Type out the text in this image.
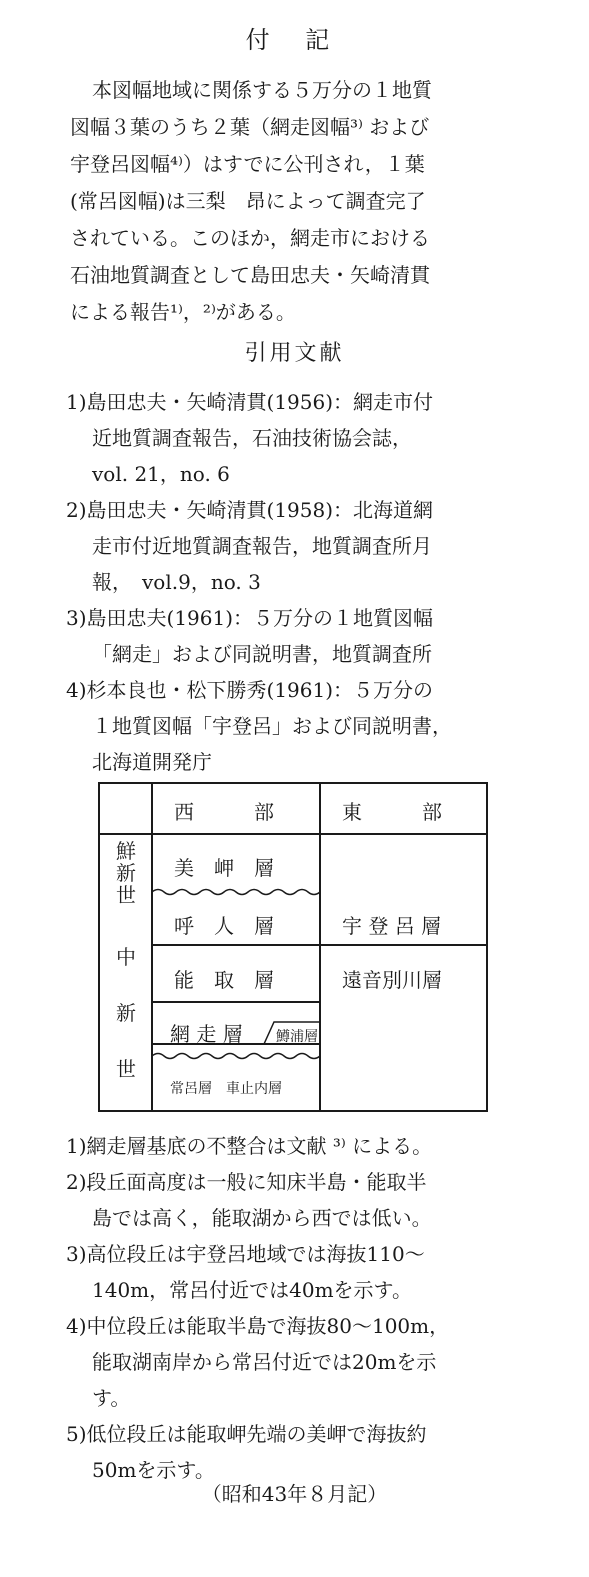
付 記
本図幅地域に関係する５万分の１地質
図幅３葉のうち２葉（網走図幅³⁾ および
宇登呂図幅⁴⁾）はすでに公刊され，１葉
(常呂図幅)は三梨　昂によって調査完了
されている。このほか，網走市における
石油地質調査として島田忠夫・矢崎清貫
による報告¹⁾，²⁾がある。
引用文献
1)島田忠夫・矢崎清貫(1956)：網走市付
近地質調査報告，石油技術協会誌，
vol. 21，no. 6
2)島田忠夫・矢崎清貫(1958)：北海道網
走市付近地質調査報告，地質調査所月
報，　vol.9，no. 3
3)島田忠夫(1961)：５万分の１地質図幅
「網走」および同説明書，地質調査所
4)杉本良也・松下勝秀(1961)：５万分の
１地質図幅「宇登呂」および同説明書，
北海道開発庁
西　　　部	東　　　部
鮮新世
中
新
世
美　岬　層
呼　人　層
能　取　層
網 走 層 鱒浦層
常呂層　車止内層
宇 登 呂 層
遠音別川層
1)網走層基底の不整合は文献 ³⁾ による。
2)段丘面高度は一般に知床半島・能取半
島では高く，能取湖から西では低い。
3)高位段丘は宇登呂地域では海抜110～
140m，常呂付近では40mを示す。
4)中位段丘は能取半島で海抜80～100m，
能取湖南岸から常呂付近では20mを示
す。
5)低位段丘は能取岬先端の美岬で海抜約
50mを示す。
（昭和43年８月記）
